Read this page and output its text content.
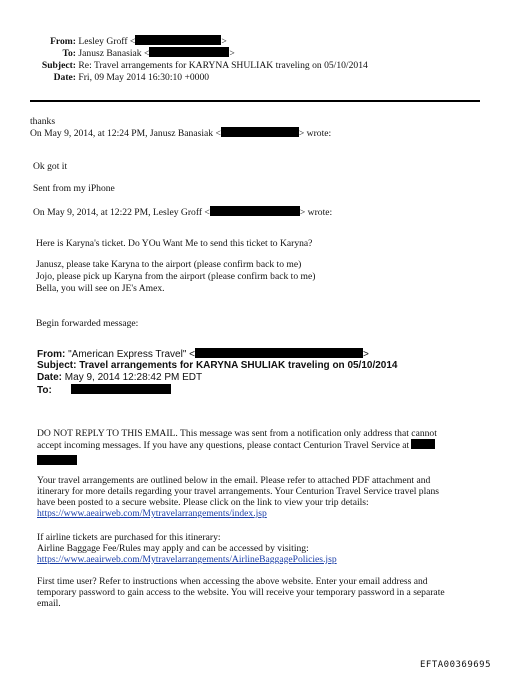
From: Lesley Groff <	>
To: Janusz Banasiak <	>
Subject: Re: Travel arrangements for KARYNA SHULIAK traveling on 05/10/2014
Date: Fri, 09 May 2014 16:30:10 +0000
thanks
On May 9, 2014, at 12:24 PM, Janusz Banasiak <	> wrote:
Ok got it
Sent from my iPhone
On May 9, 2014, at 12:22 PM, Lesley Groff <	> wrote:
Here is Karyna's ticket. Do YOu Want Me to send this ticket to Karyna?
Janusz, please take Karyna to the airport (please confirm back to me)
Jojo, please pick up Karyna from the airport (please confirm back to me)
Bella, you will see on JE's Amex.
Begin forwarded message:
From: "American Express Travel" <	>
Subject: Travel arrangements for KARYNA SHULIAK traveling on 05/10/2014
Date: May 9, 2014 12:28:42 PM EDT
To:
DO NOT REPLY TO THIS EMAIL. This message was sent from a notification only address that cannot
accept incoming messages. If you have any questions, please contact Centurion Travel Service at
Your travel arrangements are outlined below in the email. Please refer to attached PDF attachment and
itinerary for more details regarding your travel arrangements. Your Centurion Travel Service travel plans
have been posted to a secure website. Please click on the link to view your trip details:
https://www.aeairweb.com/Mytravelarrangements/index.jsp
If airline tickets are purchased for this itinerary:
Airline Baggage Fee/Rules may apply and can be accessed by visiting:
https://www.aeairweb.com/Mytravelarrangements/AirlineBaggagePolicies.jsp
First time user? Refer to instructions when accessing the above website. Enter your email address and
temporary password to gain access to the website. You will receive your temporary password in a separate
email.
EFTA00369695
